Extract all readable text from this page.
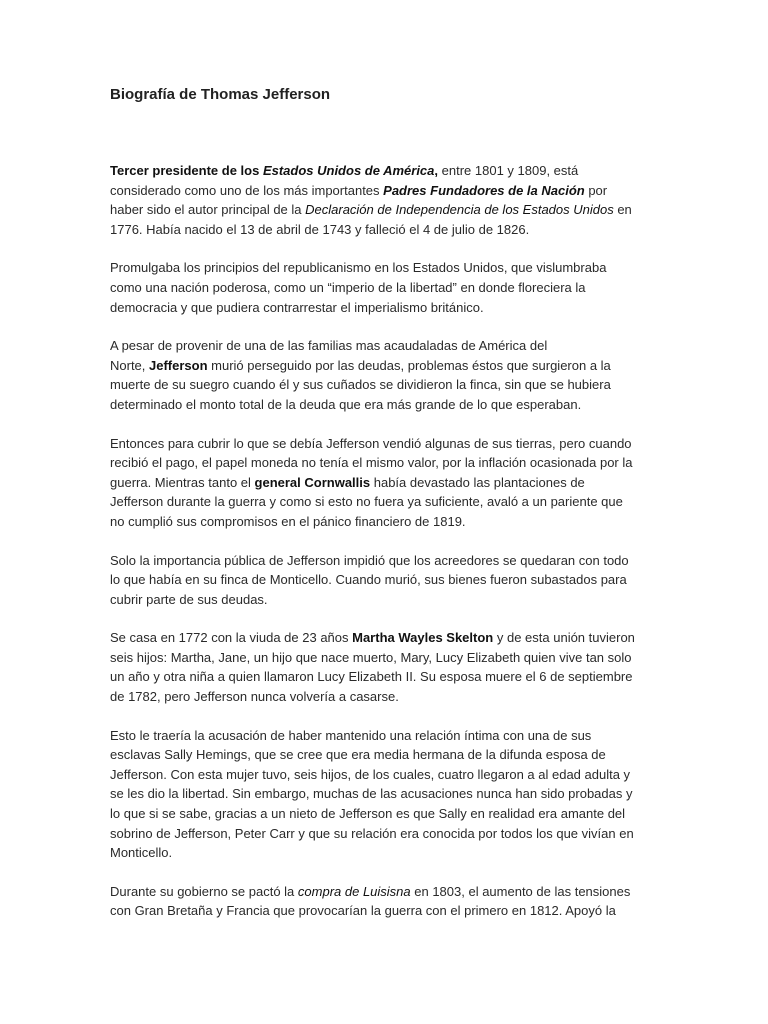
Biografía de Thomas Jefferson

Tercer presidente de los Estados Unidos de América, entre 1801 y 1809, está
considerado como uno de los más importantes Padres Fundadores de la Nación por
haber sido el autor principal de la Declaración de Independencia de los Estados Unidos en
1776. Había nacido el 13 de abril de 1743 y falleció el 4 de julio de 1826.

Promulgaba los principios del republicanismo en los Estados Unidos, que vislumbraba
como una nación poderosa, como un “imperio de la libertad” en donde floreciera la
democracia y que pudiera contrarrestar el imperialismo británico.

A pesar de provenir de una de las familias mas acaudaladas de América del
Norte, Jefferson murió perseguido por las deudas, problemas éstos que surgieron a la
muerte de su suegro cuando él y sus cuñados se dividieron la finca, sin que se hubiera
determinado el monto total de la deuda que era más grande de lo que esperaban.

Entonces para cubrir lo que se debía Jefferson vendió algunas de sus tierras, pero cuando
recibió el pago, el papel moneda no tenía el mismo valor, por la inflación ocasionada por la
guerra. Mientras tanto el general Cornwallis había devastado las plantaciones de
Jefferson durante la guerra y como si esto no fuera ya suficiente, avaló a un pariente que
no cumplió sus compromisos en el pánico financiero de 1819.

Solo la importancia pública de Jefferson impidió que los acreedores se quedaran con todo
lo que había en su finca de Monticello. Cuando murió, sus bienes fueron subastados para
cubrir parte de sus deudas.

Se casa en 1772 con la viuda de 23 años Martha Wayles Skelton y de esta unión tuvieron
seis hijos: Martha, Jane, un hijo que nace muerto, Mary, Lucy Elizabeth quien vive tan solo
un año y otra niña a quien llamaron Lucy Elizabeth II. Su esposa muere el 6 de septiembre
de 1782, pero Jefferson nunca volvería a casarse.

Esto le traería la acusación de haber mantenido una relación íntima con una de sus
esclavas Sally Hemings, que se cree que era media hermana de la difunda esposa de
Jefferson. Con esta mujer tuvo, seis hijos, de los cuales, cuatro llegaron a al edad adulta y
se les dio la libertad. Sin embargo, muchas de las acusaciones nunca han sido probadas y
lo que si se sabe, gracias a un nieto de Jefferson es que Sally en realidad era amante del
sobrino de Jefferson, Peter Carr y que su relación era conocida por todos los que vivían en
Monticello.

Durante su gobierno se pactó la compra de Luisisna en 1803, el aumento de las tensiones
con Gran Bretaña y Francia que provocarían la guerra con el primero en 1812. Apoyó la
